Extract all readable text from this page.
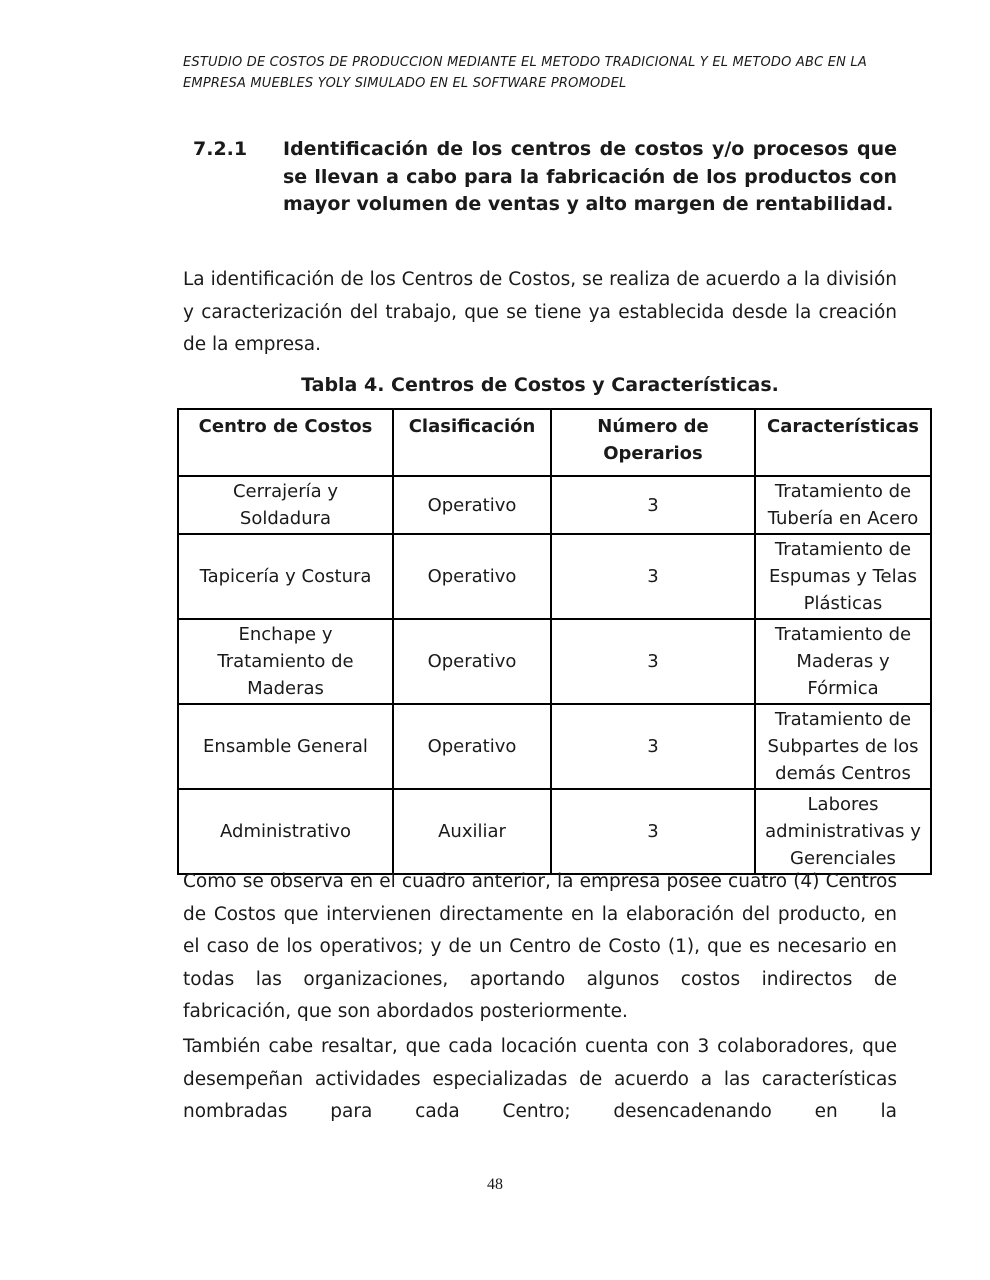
ESTUDIO DE COSTOS DE PRODUCCION MEDIANTE EL METODO TRADICIONAL Y EL METODO ABC EN LA
EMPRESA MUEBLES YOLY SIMULADO EN EL SOFTWARE PROMODEL
7.2.1	Identificación de los centros de costos y/o procesos que se llevan a cabo para la fabricación de los productos con mayor volumen de ventas y alto margen de rentabilidad.
La identificación de los Centros de Costos, se realiza de acuerdo a la división y caracterización del trabajo, que se tiene ya establecida desde la creación de la empresa.
Tabla 4. Centros de Costos y Características.
Centro de Costos	Clasificación	Número de Operarios	Características
Cerrajería y Soldadura	Operativo	3	Tratamiento de Tubería en Acero
Tapicería y Costura	Operativo	3	Tratamiento de Espumas y Telas Plásticas
Enchape y Tratamiento de Maderas	Operativo	3	Tratamiento de Maderas y Fórmica
Ensamble General	Operativo	3	Tratamiento de Subpartes de los demás Centros
Administrativo	Auxiliar	3	Labores administrativas y Gerenciales
Como se observa en el cuadro anterior, la empresa posee cuatro (4) Centros de Costos que intervienen directamente en la elaboración del producto, en el caso de los operativos; y de un Centro de Costo (1), que es necesario en todas las organizaciones, aportando algunos costos indirectos de fabricación, que son abordados posteriormente.
También cabe resaltar, que cada locación cuenta con 3 colaboradores, que desempeñan actividades especializadas de acuerdo a las características nombradas para cada Centro; desencadenando en la
48
